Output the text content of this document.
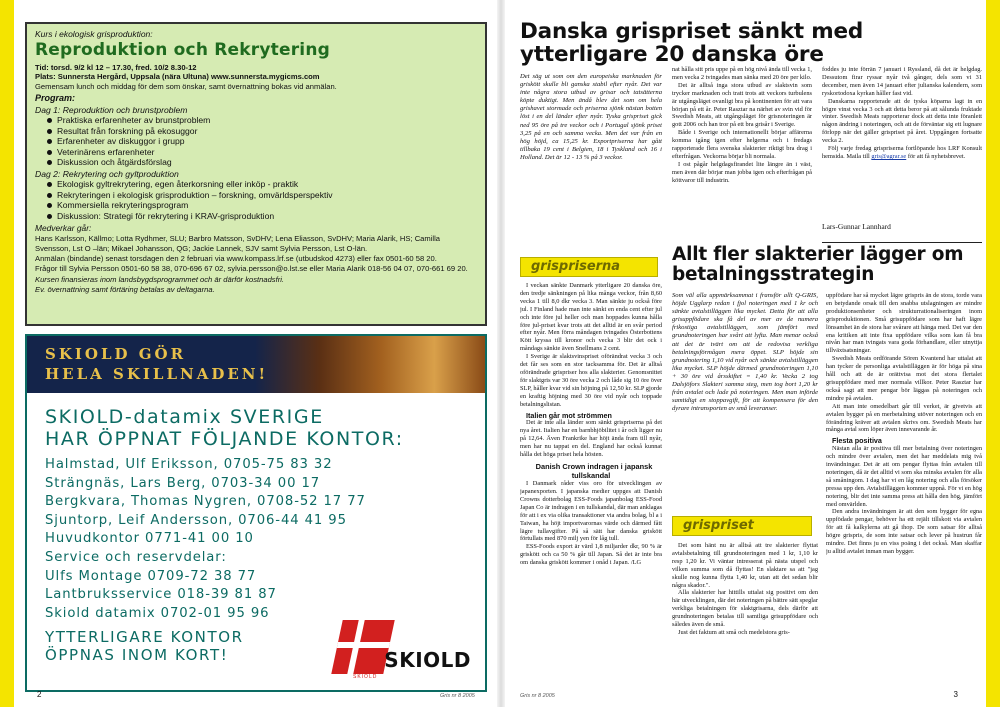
Kurs i ekologisk grisproduktion:
Reproduktion och Rekrytering
Tid: torsd. 9/2 kl 12 – 17.30, fred. 10/2 8.30-12
Plats: Sunnersta Hergård, Uppsala (nära Ultuna) www.sunnersta.mygicms.com
Gemensam lunch och middag för dem som önskar, samt övernattning bokas vid anmälan.
Program:
Dag 1: Reproduktion och brunstproblem
Praktiska erfarenheter av brunstproblem
Resultat från forskning på ekosuggor
Erfarenheter av diskuggor i grupp
Veterinärens erfarenheter
Diskussion och åtgärdsförslag
Dag 2: Rekrytering och gyltproduktion
Ekologisk gyltrekrytering, egen återkorsning eller inköp - praktik
Rekryteringen i ekologisk grisproduktion – forskning, omvärldsperspektiv
Kommersiella rekryteringsprogram
Diskussion: Strategi för rekrytering i KRAV-grisproduktion
Medverkar går:
Hans Karlsson, Källmo; Lotta Rydhmer, SLU; Barbro Matsson, SvDHV; Lena Eliasson, SvDHV; Maria Alarik, HS; Camilla Svensson, Lst O –län; Mikael Johansson, QG; Jackie Lannek, SJV samt Sylvia Persson, Lst O-län.
Anmälan (bindande) senast torsdagen den 2 februari via www.kompass.lrf.se (utbudskod 4273) eller fax 0501-60 58 20.
Frågor till Sylvia Persson 0501-60 58 38, 070-696 67 02, sylvia.persson@o.lst.se eller Maria Alarik 018-56 04 07, 070-661 69 20.
Kursen finansieras inom landsbygdsprogrammet och är därför kostnadsfri.
Ev. övernattning samt förtäring betalas av deltagarna.
SKIOLD GÖR
HELA SKILLNADEN!
SKIOLD-datamix SVERIGE
HAR ÖPPNAT FÖLJANDE KONTOR:
Halmstad, Ulf Eriksson, 0705-75 83 32
Strängnäs, Lars Berg, 0703-34 00 17
Bergkvara, Thomas Nygren, 0708-52 17 77
Sjuntorp, Leif Andersson, 0706-44 41 95
Huvudkontor 0771-41 00 10
Service och reservdelar:
Ulfs Montage 0709-72 38 77
Lantbruksservice 018-39 81 87
Skiold datamix 0702-01 95 96
YTTERLIGARE KONTOR
ÖPPNAS INOM KORT!
SKIOLD
SKIOLD
2	Gris nr 8 2005
Danska grispriset sänkt med ytterligare 20 danska öre

Det säg ut som om den europeiska marknaden för griskött skulle bli ganska stabil efter nyår. Det var inte några stora utbud av grisar och tatsätterna köpte duktigt. Men ändå blev det som om hela grishavet stormade och priserna sjönk nästan botten löst i en del länder efter nyår. Tyska grispriset gick ned 95 öre på tre veckor och i Portugal sjönk priset 3,25 på en och samma vecka. Men det var från en hög höjd, ca 15,25 kr. Exportpriserna har gått tillbaka 19 cent i Belgien, 18 i Tyskland och 16 i Holland. Det är 12 - 13 % på 3 veckor.

nat hålla sitt pris uppe på en hög nivå ända till vecka 1, men vecka 2 tvingades man sänka med 20 öre per kilo.

Det är alltså inga stora utbud av slaktsvin som trycker marknaden och tratt trots att veckors turbulens är utgångsläget ovanligt bra på kontinenten för att vara början på ett år. Peter Rasztar na närhet av svin vid för Swedish Meats, att utgångsläget för grisnoteringen är gott 2006 och han tror på ett bra grisår i Sverige.

Både i Sverige och internationellt börjar affärerna komma igång igen efter helgerna och i fredags rapporterade flera svenska slakterier riktigt bra drag i efterfrågan. Veckorna börjar bli normala.

I ost pågår helgdagsfirandet lite längre än i väst, men även där börjar man jobba igen och efterfrågan på köttvaror till industrin.

foddes ju inte förrän 7 januari i Ryssland, då det är helgdag. Dessutom firar ryssar nyår två gånger, dels som vi 31 december, men även 14 januari efter julianska kalendern, som ryskortodoxa kyrkan håller fast vid.

Danskarna rapporterade att de tyska köparna lagt in en högre vinst vecka 3 och att detta beror på att sålunda fruktade vinter. Swedish Meats rapporterar dock att detta inte föranlett någon ändring i noteringen, och att de förväntar sig ett lugnare förlopp när det gäller grispriset på året. Uppgången fortsatte vecka 2.

Följ varje fredag grispriserna fortlöpande hos LRF Konsult hemsida. Maila till gris@agrar.se för att få nyhetsbrevet.

Lars-Gunnar Lannhard
grispriserna

I veckan sänkte Danmark ytterligare 20 danska öre, den tredje sänkningen på lika många veckor, från 8,60 vecka 1 till 8,0 dkr vecka 3. Man sänkte ju också före jul. I Finland hade man inte sänkt en enda cent efter jul och inte före jul heller och man hoppades kunna hålla före jul-priset kvar trots att det alltid är en svår period efter nyår. Men förra måndagen tvingades Österbottens Kött kryssa till kronor och vecka 3 blir det ock i måndags sänkte även Snellmans 2 cent.

I Sverige är slaktsvinspriset oförändrat vecka 3 och det får ses som en stor tacksamma för. Det är alltså oförändrade grispriser hos alla slakterier. Genomsnittet för slaktgris var 30 öre vecka 2 och låde sig 10 öre över SLP, håller kvar vid sin höjning på 12,50 kr. SLP gjorde en kraftig höjning med 30 öre vid nyår och toppade betalningslistan.

Italien går mot strömmen

Det är inte alla länder som sänkt grispriserna på det nya året. Italien har en barnbhjöbilitet i år och ligger nu på 12,64. Även Frankrike har höjt ända fram till nyår, men har nu tappat en del. England har också kunnat hålla det höga priset hela hösten.

Danish Crown indragen i japansk tullskandal

I Danmark råder viss oro för utvecklingen av japanexporten. I japanska medier uppges att Danish Crowns dotterbolag ESS-Foods japanbolag ESS-Food Japan Co är indragen i en tullskandal, där man anklagas för att i ex via olika transaktioner via andra bolag, bl a i Taiwan, ha höjt importvarornas värde och därmed fått lägre tullavgifter. På så sätt har danska griskött förtullats med 870 milj yen för låg tull.

ESS-Foods export är värd 1,8 miljarder dkr, 90 % är griskött och ca 50 % går till Japan. Så det är inte bra om danska griskött kommer i onåd i Japan. /LG

Allt fler slakterier lägger om betalningsstrategin

Som väl alla uppmärksammat i fransför allt Q-GRIS, höjde Ugglarp redan i fjol noteringen med 1 kr och sänkte avtalstilläggen lika mycket. Detta för att alla grisuppfödare ska få del av mer av de numera frikostiga avtalstilläggen, som jämfört med grundnoteringen har svårt att lyfta. Man menar också att det är tvärt om att de redovisa verkliga betalningsförmågan mera öppet. SLP höjde sin grundnotering 1,10 vid nyår och sänkte avtalstilläggen lika mycket. SLP höjde därmed grundnoteringen 1,10 + 30 öre vid årsskiftet = 1,40 kr. Vecka 2 tog Dalsjöfors Slakteri samma steg, men tog bort 1,20 kr från avtalet och lade på noteringen. Men man införde samtidigt en stoppavgift, för att kompensera för den dyrare intransporten av små leveranser.

grispriset

Det som hänt nu är alltså att tre slakterier flyttat avtalsbetalning till grundnoteringen med 1 kr, 1,10 kr resp 1,20 kr. Vi väntar intresserat på nästa utspel och vilken summa som då flyttas! En slaktare sa att "jag skulle nog kunna flytta 1,40 kr, utan att det sedan blir några skador.".

Alla slakterier har hittills uttalat sig positivt om den här utvecklingen, där det noteringen på bättre sätt speglar verkliga betalningen för slaktgrisarna, dels därför att grundnoteringen betalas till samtliga grisuppfödare och således även de små.

Just det faktum att små och medelstora gris-

uppfödare har så mycket lägre grispris än de stora, torde vara en betydande orsak till den snabba utslagningen av mindre produktionsenheter och strukturrationaliseringen inom grisproduktionen. Små grisuppfödare som har haft lägre lönsamhet än de stora har svårare att hänga med. Det var den ena kritiken att inte fixa uppfödare vilka som kan få bra nivån har man tvingats vara goda förhandlare, eller utnyttja tillväxtsatsningar.

Swedish Meats ordförande Sören Kvantend har uttalat att han tycker de personliga avtalstilläggen är för höga på sina håll och att de är orättvisa mot det stora flertalet grisuppfödare med mer normala villkor. Peter Rasztar har också sagt att mer pengar bör läggas på noteringen och mindre på avtalen.

Att man inte omedelbart går till verket, är givetvis att avtalen bygger på en merbetalning utöver noteringen och en förändring kräver att avtalen skrivs om. Swedish Meats har många avtal som löper även innevarande år.

Flesta positiva

Nästan alla är positiva till mer betalning över noteringen och mindre över avtalen, men det har meddelats mig två invändningar. Det är att om pengar flyttas från avtalen till noteringen, då är det alltid vi som ska minska avtalen för alla så småningom. I dag har vi en låg notering och alla försöker pressa upp den. Avtalstilläggen kommer uppnå. För vi en hög notering, blir det inte samma press att hålla den hög, jämfört med omvärlden.

Den andra invändningen är att den som bygger för egna uppfödade pengar, behöver ha ett rejält tillskott via avtalen för att få kalkylerna att gå ihop. De som satsar för alltså högre grispris, de som inte satsar och lever på hustrun får mindre. Det finns ju en viss poäng i det också. Man skaffar ju alltid avtalet inman man bygger.

3
Gris nr 8 2005
